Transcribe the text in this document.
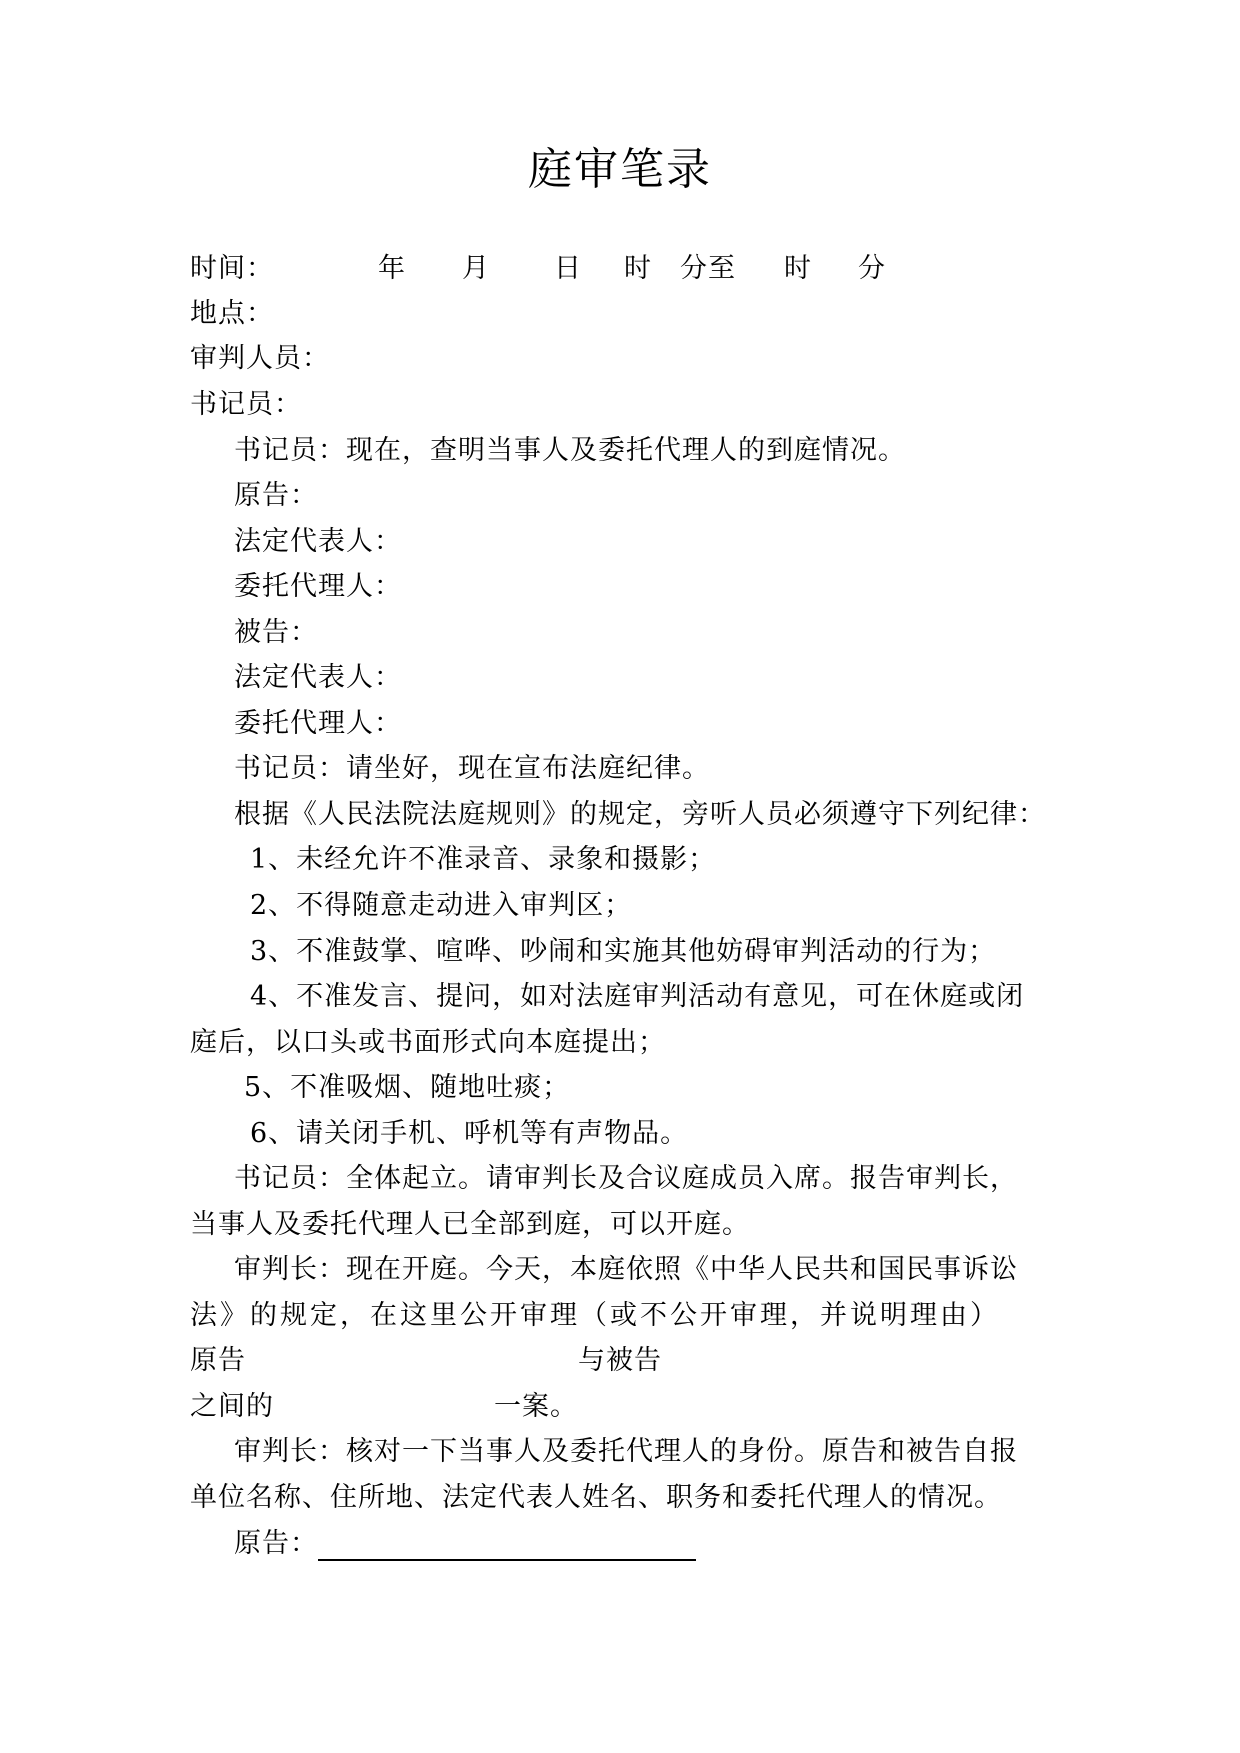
庭审笔录
时间：	年 月 日 时 分至 时 分
地点：
审判人员：
书记员：
书记员：现在，查明当事人及委托代理人的到庭情况。
原告：
法定代表人：
委托代理人：
被告：
法定代表人：
委托代理人：
书记员：请坐好，现在宣布法庭纪律。
根据《人民法院法庭规则》的规定，旁听人员必须遵守下列纪律：
1、未经允许不准录音、录象和摄影；
2、不得随意走动进入审判区；
3、不准鼓掌、喧哗、吵闹和实施其他妨碍审判活动的行为；
4、不准发言、提问，如对法庭审判活动有意见，可在休庭或闭
庭后，以口头或书面形式向本庭提出；
5、不准吸烟、随地吐痰；
6、请关闭手机、呼机等有声物品。
书记员：全体起立。请审判长及合议庭成员入席。报告审判长，
当事人及委托代理人已全部到庭，可以开庭。
审判长：现在开庭。今天，本庭依照《中华人民共和国民事诉讼
法》的规定，在这里公开审理（或不公开审理，并说明理由）
原告	与被告
之间的	一案。
审判长：核对一下当事人及委托代理人的身份。原告和被告自报
单位名称、住所地、法定代表人姓名、职务和委托代理人的情况。
原告：
